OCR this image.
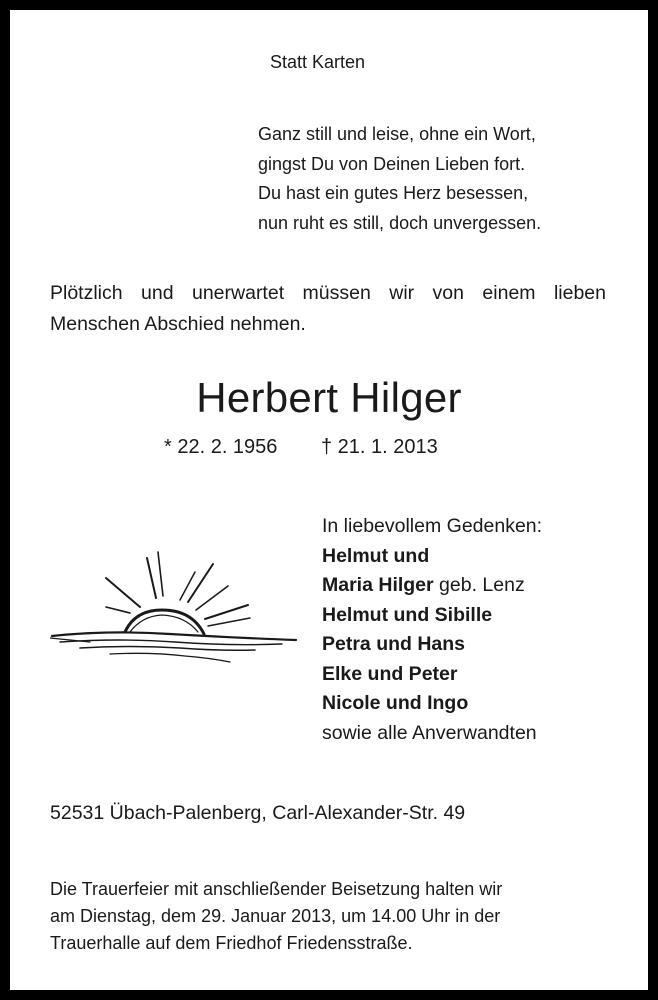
Statt Karten
Ganz still und leise, ohne ein Wort,
gingst Du von Deinen Lieben fort.
Du hast ein gutes Herz besessen,
nun ruht es still, doch unvergessen.
Plötzlich und unerwartet müssen wir von einem lieben Menschen Abschied nehmen.
Herbert Hilger
* 22. 2. 1956 † 21. 1. 2013
In liebevollem Gedenken:
Helmut und
Maria Hilger geb. Lenz
Helmut und Sibille
Petra und Hans
Elke und Peter
Nicole und Ingo
sowie alle Anverwandten
52531 Übach-Palenberg, Carl-Alexander-Str. 49
Die Trauerfeier mit anschließender Beisetzung halten wir
am Dienstag, dem 29. Januar 2013, um 14.00 Uhr in der
Trauerhalle auf dem Friedhof Friedensstraße.
